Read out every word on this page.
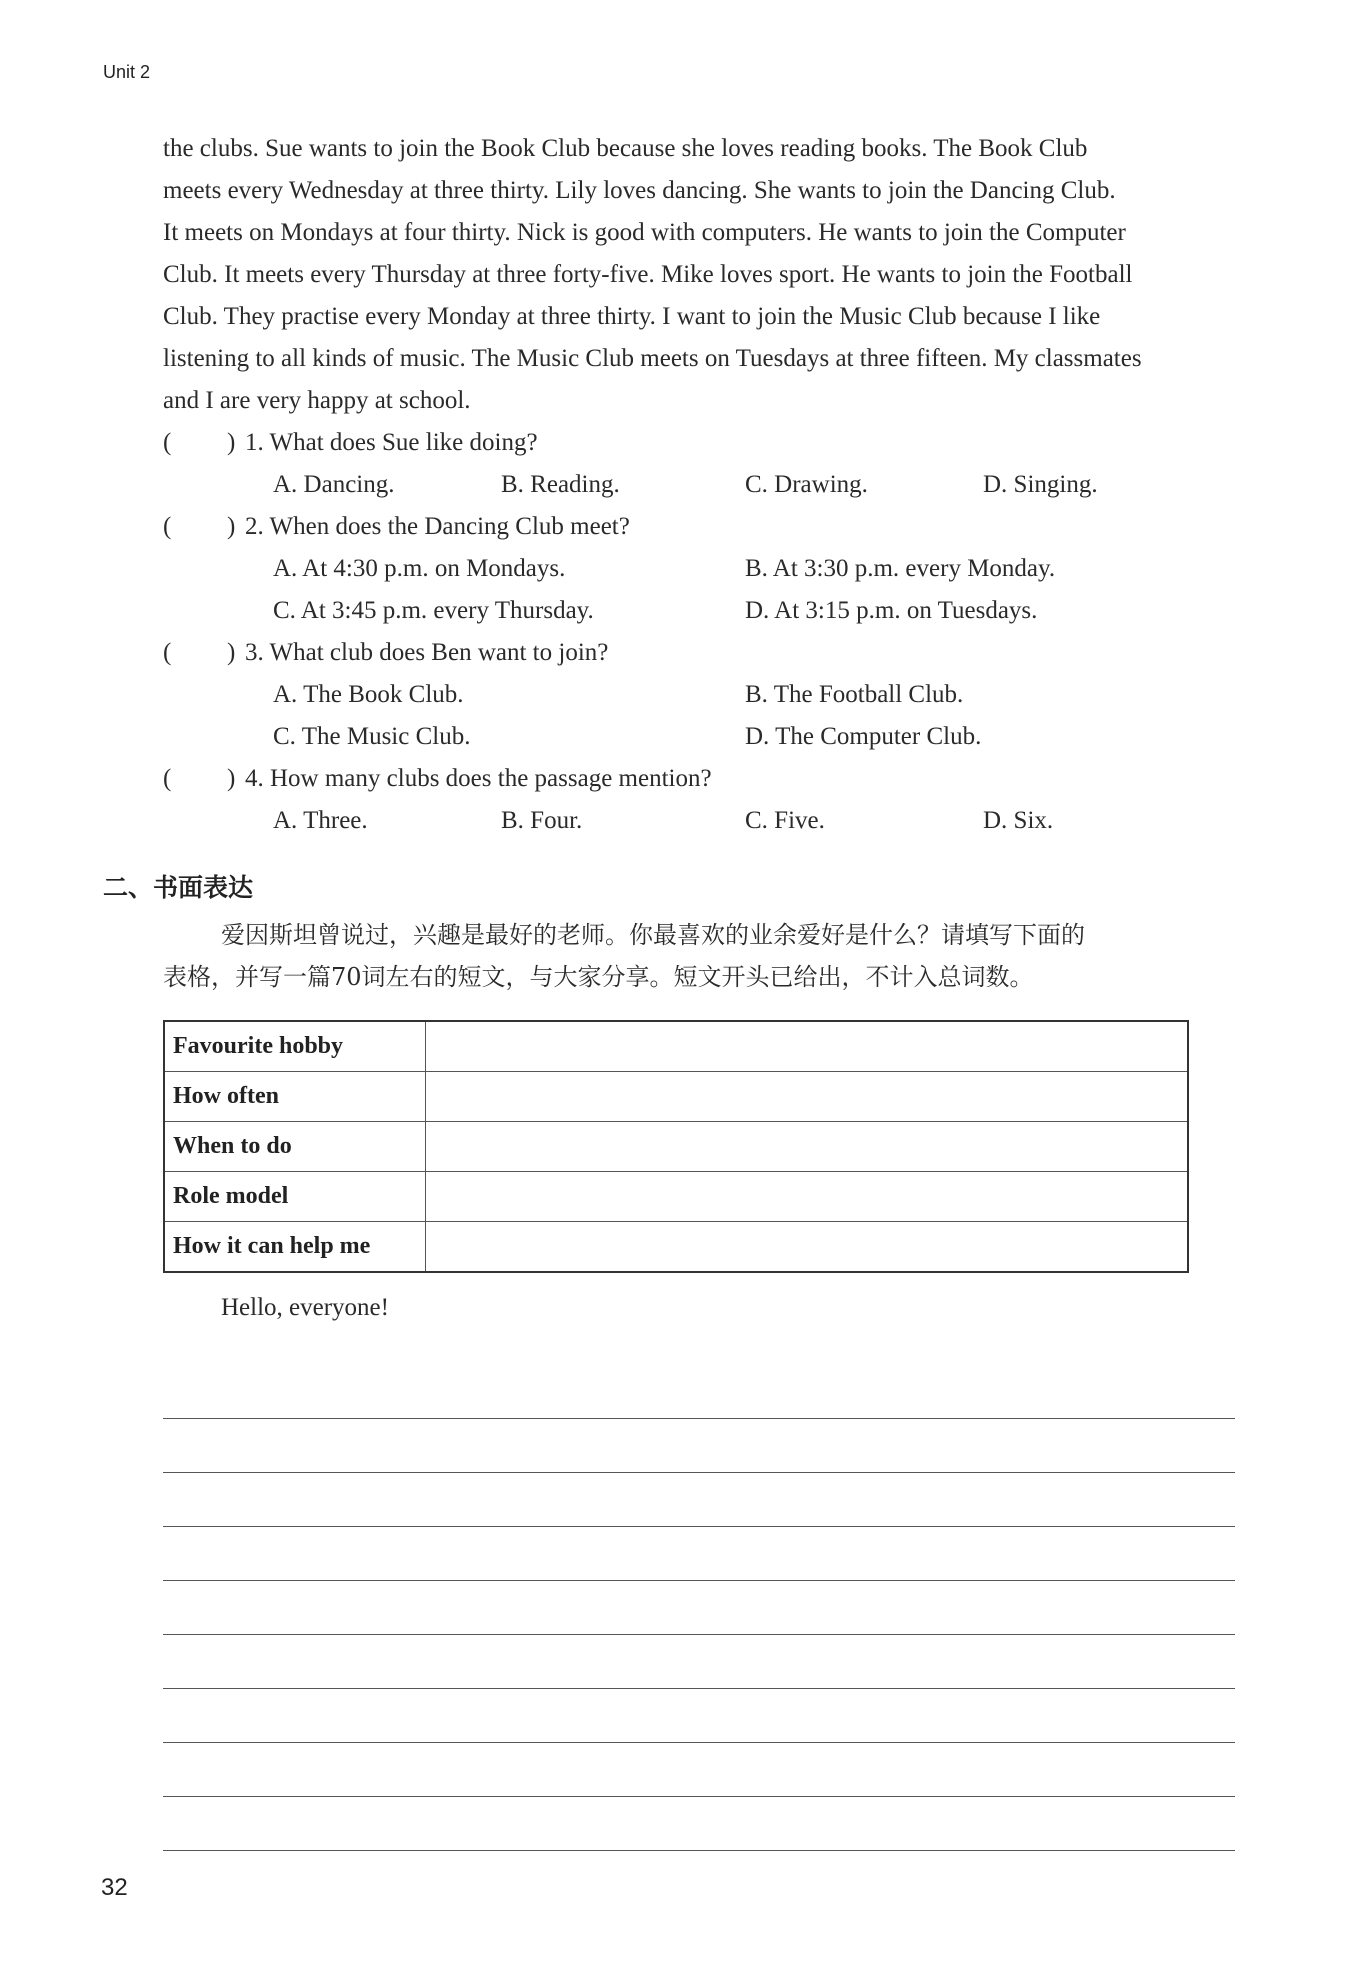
Unit 2
the clubs. Sue wants to join the Book Club because she loves reading books. The Book Club
meets every Wednesday at three thirty. Lily loves dancing. She wants to join the Dancing Club.
It meets on Mondays at four thirty. Nick is good with computers. He wants to join the Computer
Club. It meets every Thursday at three forty-five. Mike loves sport. He wants to join the Football
Club. They practise every Monday at three thirty. I want to join the Music Club because I like
listening to all kinds of music. The Music Club meets on Tuesdays at three fifteen. My classmates
and I are very happy at school.
( ) 1. What does Sue like doing?
A. Dancing.	B. Reading.	C. Drawing.	D. Singing.
( ) 2. When does the Dancing Club meet?
A. At 4:30 p.m. on Mondays.	B. At 3:30 p.m. every Monday.
C. At 3:45 p.m. every Thursday.	D. At 3:15 p.m. on Tuesdays.
( ) 3. What club does Ben want to join?
A. The Book Club.	B. The Football Club.
C. The Music Club.	D. The Computer Club.
( ) 4. How many clubs does the passage mention?
A. Three.	B. Four.	C. Five.	D. Six.
二、书面表达
爱因斯坦曾说过，兴趣是最好的老师。你最喜欢的业余爱好是什么？请填写下面的
表格，并写一篇70词左右的短文，与大家分享。短文开头已给出，不计入总词数。
Favourite hobby	
How often	
When to do	
Role model	
How it can help me	
Hello, everyone!
32
